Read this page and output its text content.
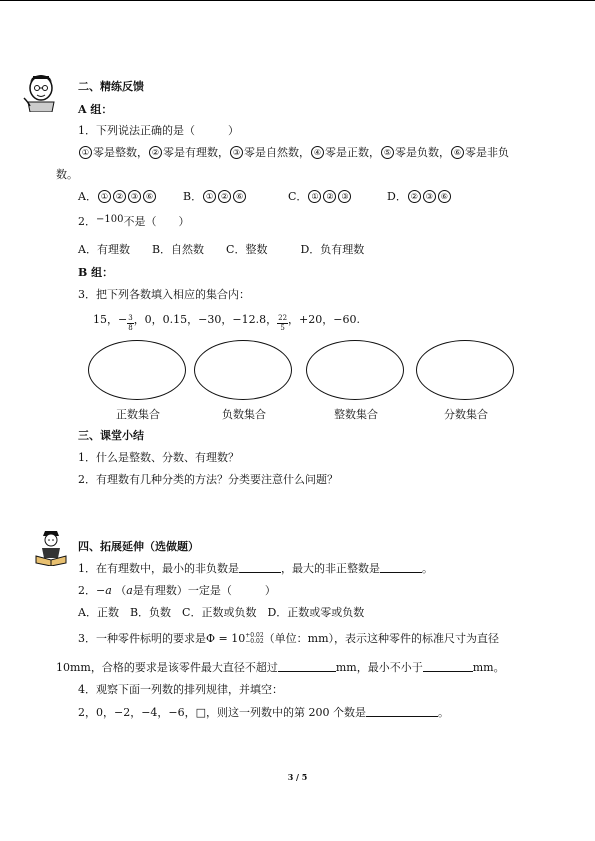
二、精练反馈
A 组：
1．下列说法正确的是（　　　）
① 零是整数， ② 零是有理数， ③ 零是自然数， ④ 零是正数， ⑤ 零是负数， ⑥ 零是非负
数。
A． ① ② ③ ⑥	B． ① ② ⑥	C． ① ② ③	D． ② ③ ⑥
2．−100不是（　　）
A．有理数　　B．自然数　　C．整数　　　D．负有理数
B 组：
3．把下列各数填入相应的集合内：
15，− $\frac{3}{8}$ ，0，0.15，−30，−12.8， $\frac{22}{5}$ ，+20，−60.
正数集合	负数集合	整数集合	分数集合
三、课堂小结
1．什么是整数、分数、有理数？
2．有理数有几种分类的方法？分类要注意什么问题？
四、拓展延伸（选做题）
1．在有理数中，最小的非负数是	，最大的非正整数是	。
2．−a （a是有理数）一定是（　　　）
A．正数　B．负数　C．正数或负数　D．正数或零或负数
3．一种零件标明的要求是Φ = 10 +0.02
−0.02 （单位：mm），表示这种零件的标准尺寸为直径
10mm，合格的要求是该零件最大直径不超过	mm，最小不小于	mm。
4．观察下面一列数的排列规律，并填空：
2，0，−2，−4，−6，□，则这一列数中的第 200 个数是	。
3 / 5
